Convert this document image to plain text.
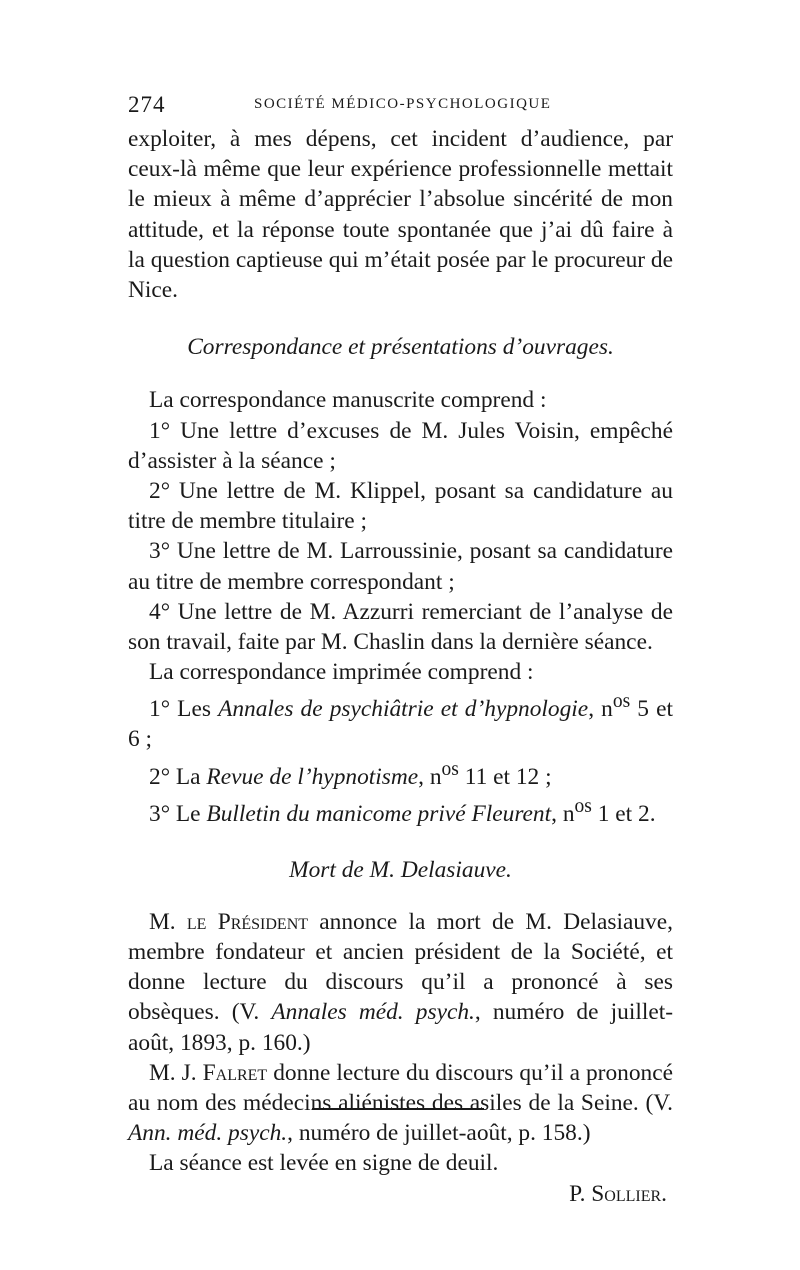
274	SOCIÉTÉ MÉDICO-PSYCHOLOGIQUE

exploiter, à mes dépens, cet incident d’audience, par ceux-là même que leur expérience professionnelle mettait le mieux à même d’apprécier l’absolue sincérité de mon attitude, et la réponse toute spontanée que j’ai dû faire à la question captieuse qui m’était posée par le procureur de Nice.

Correspondance et présentations d’ouvrages.

La correspondance manuscrite comprend :

1° Une lettre d’excuses de M. Jules Voisin, empêché d’assister à la séance ;

2° Une lettre de M. Klippel, posant sa candidature au titre de membre titulaire ;

3° Une lettre de M. Larroussinie, posant sa candidature au titre de membre correspondant ;

4° Une lettre de M. Azzurri remerciant de l’analyse de son travail, faite par M. Chaslin dans la dernière séance.

La correspondance imprimée comprend :

1° Les Annales de psychiâtrie et d’hypnologie, $n^{os}$ 5 et 6 ;

2° La Revue de l’hypnotisme, $n^{os}$ 11 et 12 ;

3° Le Bulletin du manicome privé Fleurent, $n^{os}$ 1 et 2.

Mort de M. Delasiauve.

M. le Président annonce la mort de M. Delasiauve, membre fondateur et ancien président de la Société, et donne lecture du discours qu’il a prononcé à ses obsèques. (V. Annales méd. psych., numéro de juillet-août, 1893, p. 160.)

M. J. Falret donne lecture du discours qu’il a prononcé au nom des médecins aliénistes des asiles de la Seine. (V. Ann. méd. psych., numéro de juillet-août, p. 158.)

La séance est levée en signe de deuil.

P. Sollier.
